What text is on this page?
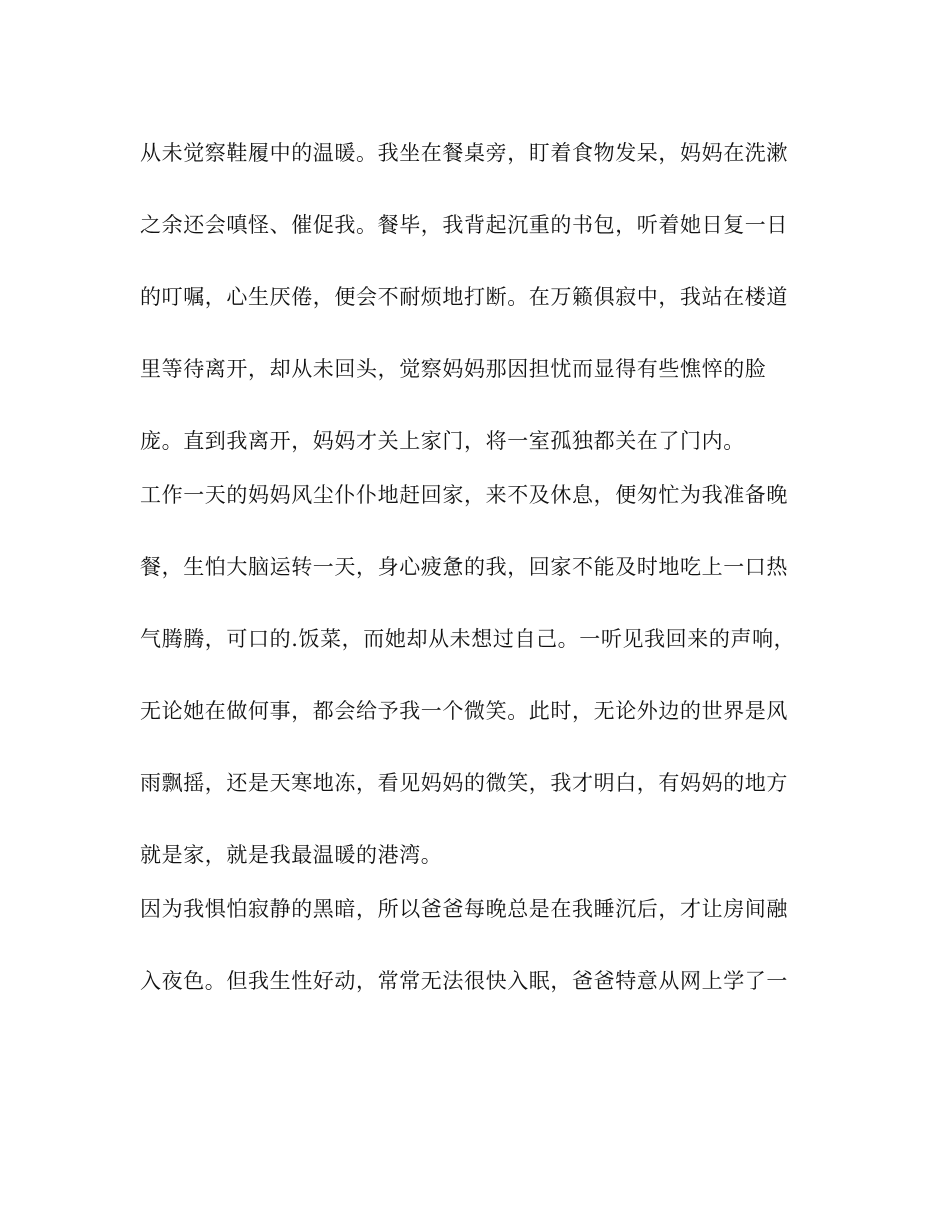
从未觉察鞋履中的温暖。我坐在餐桌旁，盯着食物发呆，妈妈在洗漱
之余还会嗔怪、催促我。餐毕，我背起沉重的书包，听着她日复一日
的叮嘱，心生厌倦，便会不耐烦地打断。在万籁俱寂中，我站在楼道
里等待离开，却从未回头，觉察妈妈那因担忧而显得有些憔悴的脸
庞。直到我离开，妈妈才关上家门，将一室孤独都关在了门内。
工作一天的妈妈风尘仆仆地赶回家，来不及休息，便匆忙为我准备晚
餐，生怕大脑运转一天，身心疲惫的我，回家不能及时地吃上一口热
气腾腾，可口的.饭菜，而她却从未想过自己。一听见我回来的声响，
无论她在做何事，都会给予我一个微笑。此时，无论外边的世界是风
雨飘摇，还是天寒地冻，看见妈妈的微笑，我才明白，有妈妈的地方
就是家，就是我最温暖的港湾。
因为我惧怕寂静的黑暗，所以爸爸每晚总是在我睡沉后，才让房间融
入夜色。但我生性好动，常常无法很快入眠，爸爸特意从网上学了一
